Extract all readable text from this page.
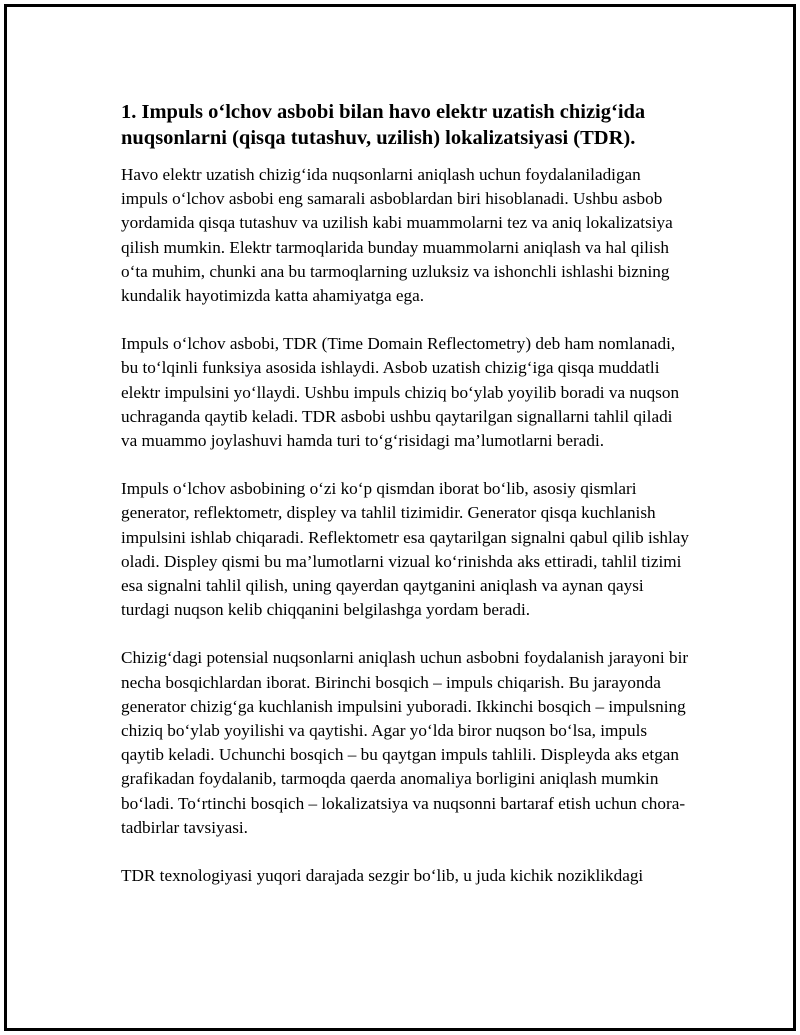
1. Impuls o‘lchov asbobi bilan havo elektr uzatish chizig‘ida nuqsonlarni (qisqa tutashuv, uzilish) lokalizatsiyasi (TDR).

Havo elektr uzatish chizig‘ida nuqsonlarni aniqlash uchun foydalaniladigan impuls o‘lchov asbobi eng samarali asboblardan biri hisoblanadi. Ushbu asbob yordamida qisqa tutashuv va uzilish kabi muammolarni tez va aniq lokalizatsiya qilish mumkin. Elektr tarmoqlarida bunday muammolarni aniqlash va hal qilish o‘ta muhim, chunki ana bu tarmoqlarning uzluksiz va ishonchli ishlashi bizning kundalik hayotimizda katta ahamiyatga ega.

Impuls o‘lchov asbobi, TDR (Time Domain Reflectometry) deb ham nomlanadi, bu to‘lqinli funksiya asosida ishlaydi. Asbob uzatish chizig‘iga qisqa muddatli elektr impulsini yo‘llaydi. Ushbu impuls chiziq bo‘ylab yoyilib boradi va nuqson uchraganda qaytib keladi. TDR asbobi ushbu qaytarilgan signallarni tahlil qiladi va muammo joylashuvi hamda turi to‘g‘risidagi ma’lumotlarni beradi.

Impuls o‘lchov asbobining o‘zi ko‘p qismdan iborat bo‘lib, asosiy qismlari generator, reflektometr, displey va tahlil tizimidir. Generator qisqa kuchlanish impulsini ishlab chiqaradi. Reflektometr esa qaytarilgan signalni qabul qilib ishlay oladi. Displey qismi bu ma’lumotlarni vizual ko‘rinishda aks ettiradi, tahlil tizimi esa signalni tahlil qilish, uning qayerdan qaytganini aniqlash va aynan qaysi turdagi nuqson kelib chiqqanini belgilashga yordam beradi.

Chizig‘dagi potensial nuqsonlarni aniqlash uchun asbobni foydalanish jarayoni bir necha bosqichlardan iborat. Birinchi bosqich – impuls chiqarish. Bu jarayonda generator chizig‘ga kuchlanish impulsini yuboradi. Ikkinchi bosqich – impulsning chiziq bo‘ylab yoyilishi va qaytishi. Agar yo‘lda biror nuqson bo‘lsa, impuls qaytib keladi. Uchunchi bosqich – bu qaytgan impuls tahlili. Displeyda aks etgan grafikadan foydalanib, tarmoqda qaerda anomaliya borligini aniqlash mumkin bo‘ladi. To‘rtinchi bosqich – lokalizatsiya va nuqsonni bartaraf etish uchun chora-tadbirlar tavsiyasi.

TDR texnologiyasi yuqori darajada sezgir bo‘lib, u juda kichik noziklikdagi
